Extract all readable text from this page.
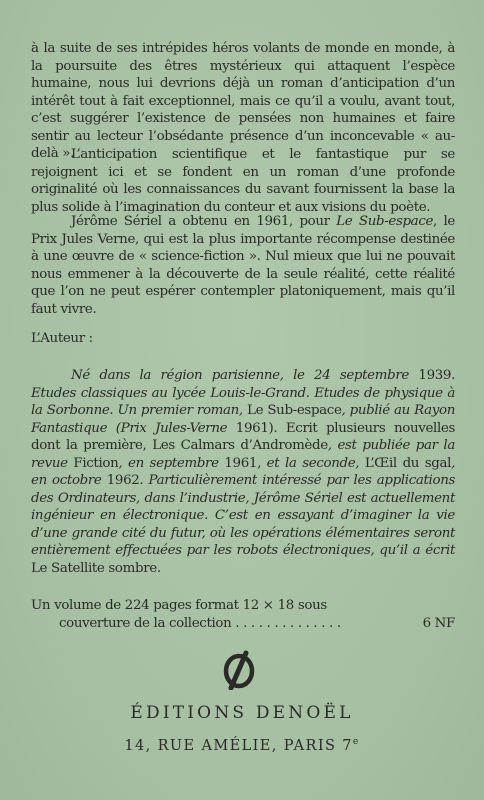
à la suite de ses intrépides héros volants de monde en monde, à la poursuite des êtres mystérieux qui attaquent l’espèce humaine, nous lui devrions déjà un roman d’anticipation d’un intérêt tout à fait exceptionnel, mais ce qu’il a voulu, avant tout, c’est suggérer l’existence de pensées non humaines et faire sentir au lecteur l’obsédante présence d’un inconcevable « au-delà ».

L’anticipation scientifique et le fantastique pur se rejoignent ici et se fondent en un roman d’une profonde originalité où les connaissances du savant fournissent la base la plus solide à l’imagination du conteur et aux visions du poète.

Jérôme Sériel a obtenu en 1961, pour Le Sub-espace, le Prix Jules Verne, qui est la plus importante récompense destinée à une œuvre de « science-fiction ». Nul mieux que lui ne pouvait nous emmener à la découverte de la seule réalité, cette réalité que l’on ne peut espérer contempler platoniquement, mais qu’il faut vivre.

L’Auteur :

Né dans la région parisienne, le 24 septembre 1939. Etudes classiques au lycée Louis-le-Grand. Etudes de physique à la Sorbonne. Un premier roman, Le Sub-espace, publié au Rayon Fantastique (Prix Jules-Verne 1961). Ecrit plusieurs nouvelles dont la première, Les Calmars d’Andromède, est publiée par la revue Fiction, en septembre 1961, et la seconde, L’Œil du sgal, en octobre 1962. Particulièrement intéressé par les applications des Ordinateurs, dans l’industrie, Jérôme Sériel est actuellement ingénieur en électronique. C’est en essayant d’imaginer la vie d’une grande cité du futur, où les opérations élémentaires seront entièrement effectuées par les robots électroniques, qu’il a écrit Le Satellite sombre.

Un volume de 224 pages format 12 × 18 sous
couverture de la collection . . . . . . . . . . . . . .	6 NF
ÉDITIONS DENOËL
14, RUE AMÉLIE, PARIS 7e
